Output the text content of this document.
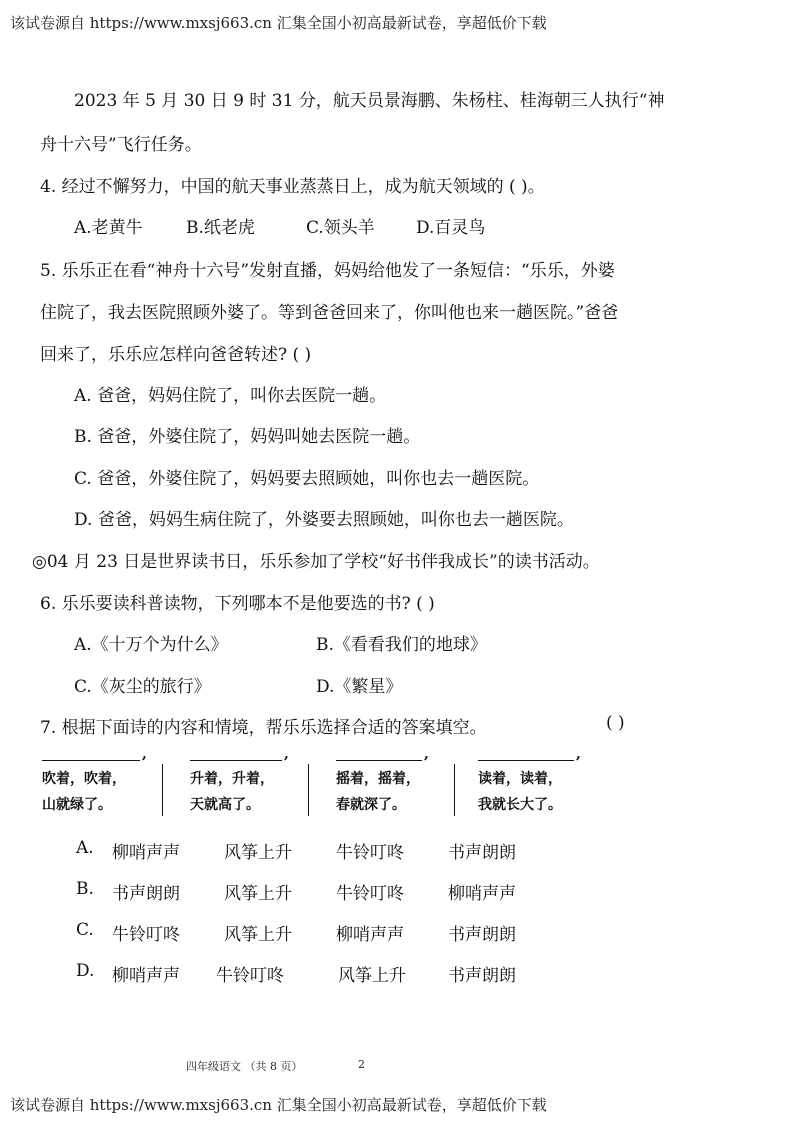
该试卷源自 https://www.mxsj663.cn 汇集全国小初高最新试卷，享超低价下载
2023 年 5 月 30 日 9 时 31 分，航天员景海鹏、朱杨柱、桂海朝三人执行“神
舟十六号”飞行任务。
4. 经过不懈努力，中国的航天事业蒸蒸日上，成为航天领域的 ( )。
A.老黄牛	B.纸老虎	C.领头羊 D.百灵鸟
5. 乐乐正在看“神舟十六号”发射直播，妈妈给他发了一条短信：“乐乐，外婆
住院了，我去医院照顾外婆了。等到爸爸回来了，你叫他也来一趟医院。”爸爸
回来了，乐乐应怎样向爸爸转述? ( )
A. 爸爸，妈妈住院了，叫你去医院一趟。
B. 爸爸，外婆住院了，妈妈叫她去医院一趟。
C. 爸爸，外婆住院了，妈妈要去照顾她，叫你也去一趟医院。
D. 爸爸，妈妈生病住院了，外婆要去照顾她，叫你也去一趟医院。
◎04 月 23 日是世界读书日，乐乐参加了学校“好书伴我成长”的读书活动。
6. 乐乐要读科普读物，下列哪本不是他要选的书? ( )
A.《十万个为什么》	B.《看看我们的地球》
C.《灰尘的旅行》	D.《繁星》
7. 根据下面诗的内容和情境，帮乐乐选择合适的答案填空。	( )
,	,	,	,
吹着，吹着，
山就绿了。
升着，升着，
天就高了。
摇着，摇着，
春就深了。
读着，读着，
我就长大了。
A. 柳哨声声	风筝上升	牛铃叮咚	书声朗朗
B. 书声朗朗	风筝上升	牛铃叮咚	柳哨声声
C. 牛铃叮咚	风筝上升	柳哨声声	书声朗朗
D. 柳哨声声 牛铃叮咚	风筝上升 书声朗朗
四年级语文 （共 8 页）	2
该试卷源自 https://www.mxsj663.cn 汇集全国小初高最新试卷，享超低价下载
